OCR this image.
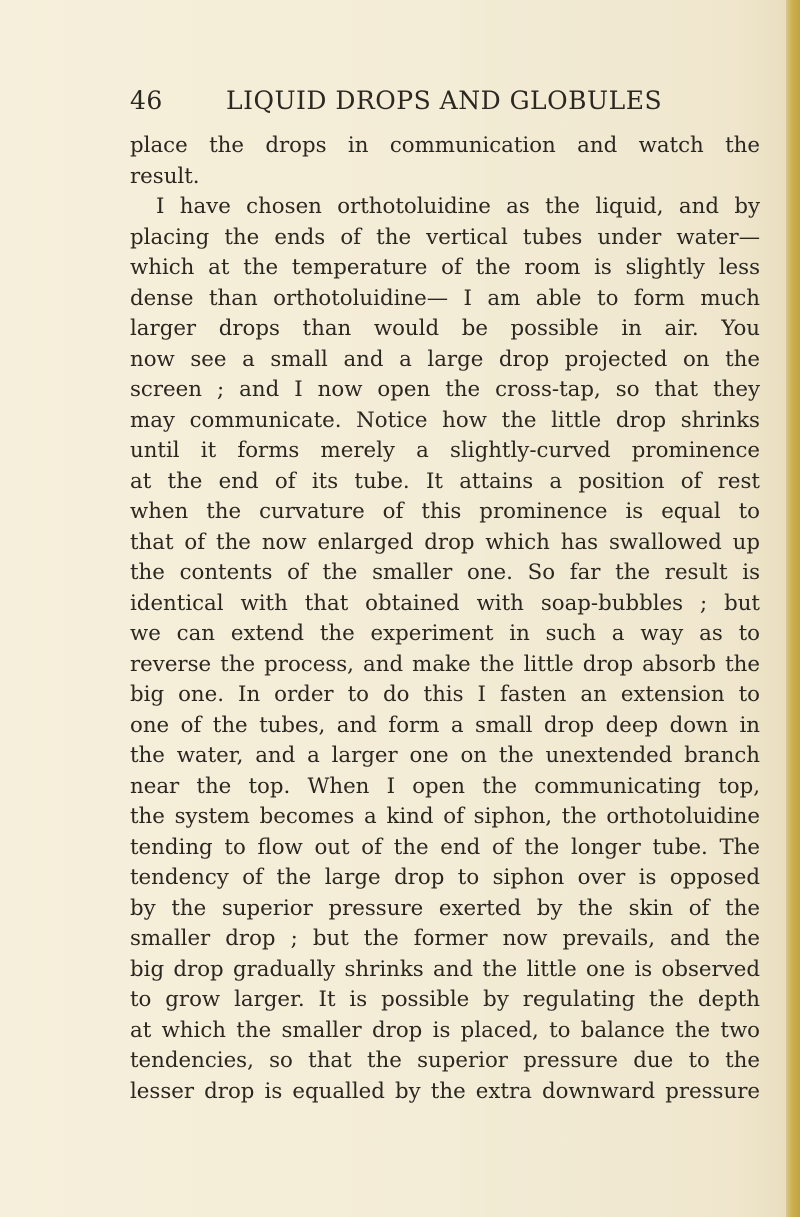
46	LIQUID DROPS AND GLOBULES
place the drops in communication and watch the
result.
I have chosen orthotoluidine as the liquid, and by
placing the ends of the vertical tubes under water—
which at the temperature of the room is slightly less
dense than orthotoluidine— I am able to form much
larger drops than would be possible in air. You
now see a small and a large drop projected on the
screen ; and I now open the cross-tap, so that they
may communicate. Notice how the little drop shrinks
until it forms merely a slightly-curved prominence
at the end of its tube. It attains a position of rest
when the curvature of this prominence is equal to
that of the now enlarged drop which has swallowed up
the contents of the smaller one. So far the result is
identical with that obtained with soap-bubbles ; but
we can extend the experiment in such a way as to
reverse the process, and make the little drop absorb the
big one. In order to do this I fasten an extension to
one of the tubes, and form a small drop deep down in
the water, and a larger one on the unextended branch
near the top. When I open the communicating top,
the system becomes a kind of siphon, the orthotoluidine
tending to flow out of the end of the longer tube. The
tendency of the large drop to siphon over is opposed
by the superior pressure exerted by the skin of the
smaller drop ; but the former now prevails, and the
big drop gradually shrinks and the little one is observed
to grow larger. It is possible by regulating the depth
at which the smaller drop is placed, to balance the two
tendencies, so that the superior pressure due to the
lesser drop is equalled by the extra downward pressure
